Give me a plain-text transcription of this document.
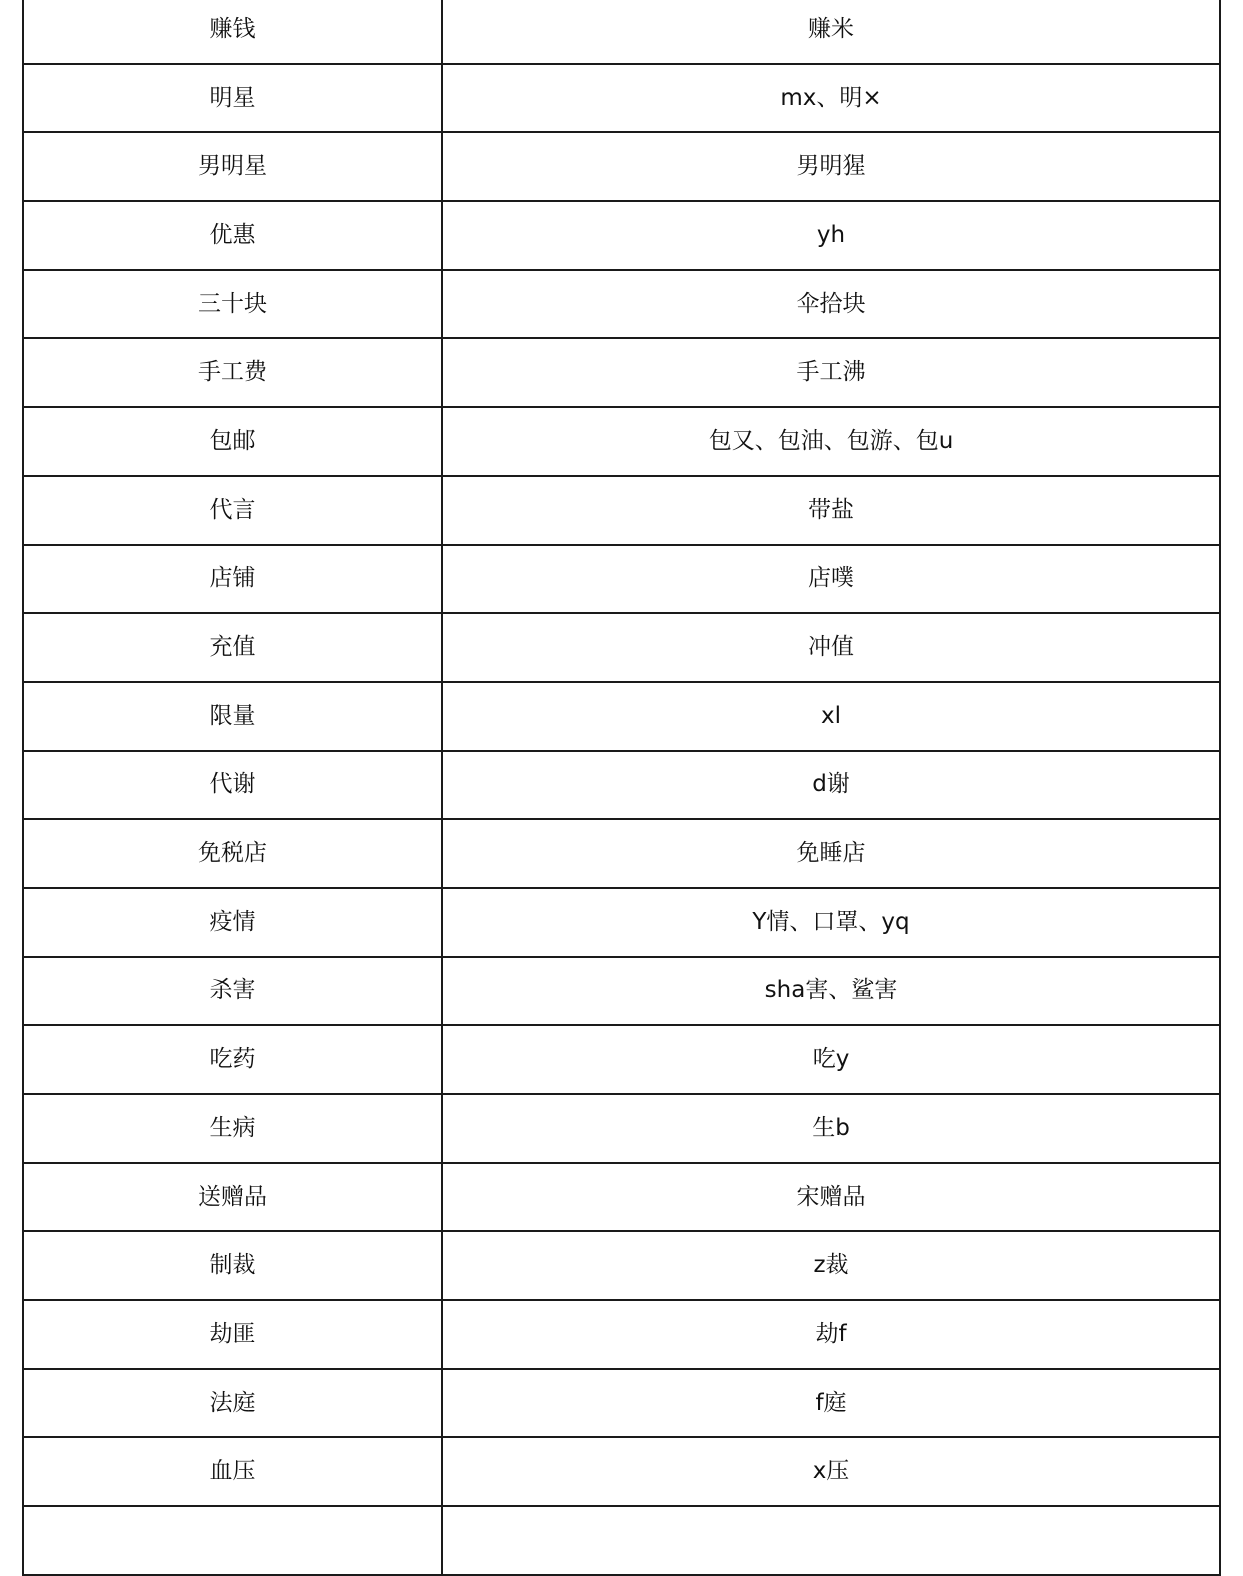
赚钱	赚米
明星	mx、明×
男明星	男明猩
优惠	yh
三十块	伞拾块
手工费	手工沸
包邮	包又、包油、包游、包u
代言	带盐
店铺	店噗
充值	冲值
限量	xl
代谢	d谢
免税店	免睡店
疫情	Y情、口罩、yq
杀害	sha害、鲨害
吃药	吃y
生病	生b
送赠品	宋赠品
制裁	z裁
劫匪	劫f
法庭	f庭
血压	x压
